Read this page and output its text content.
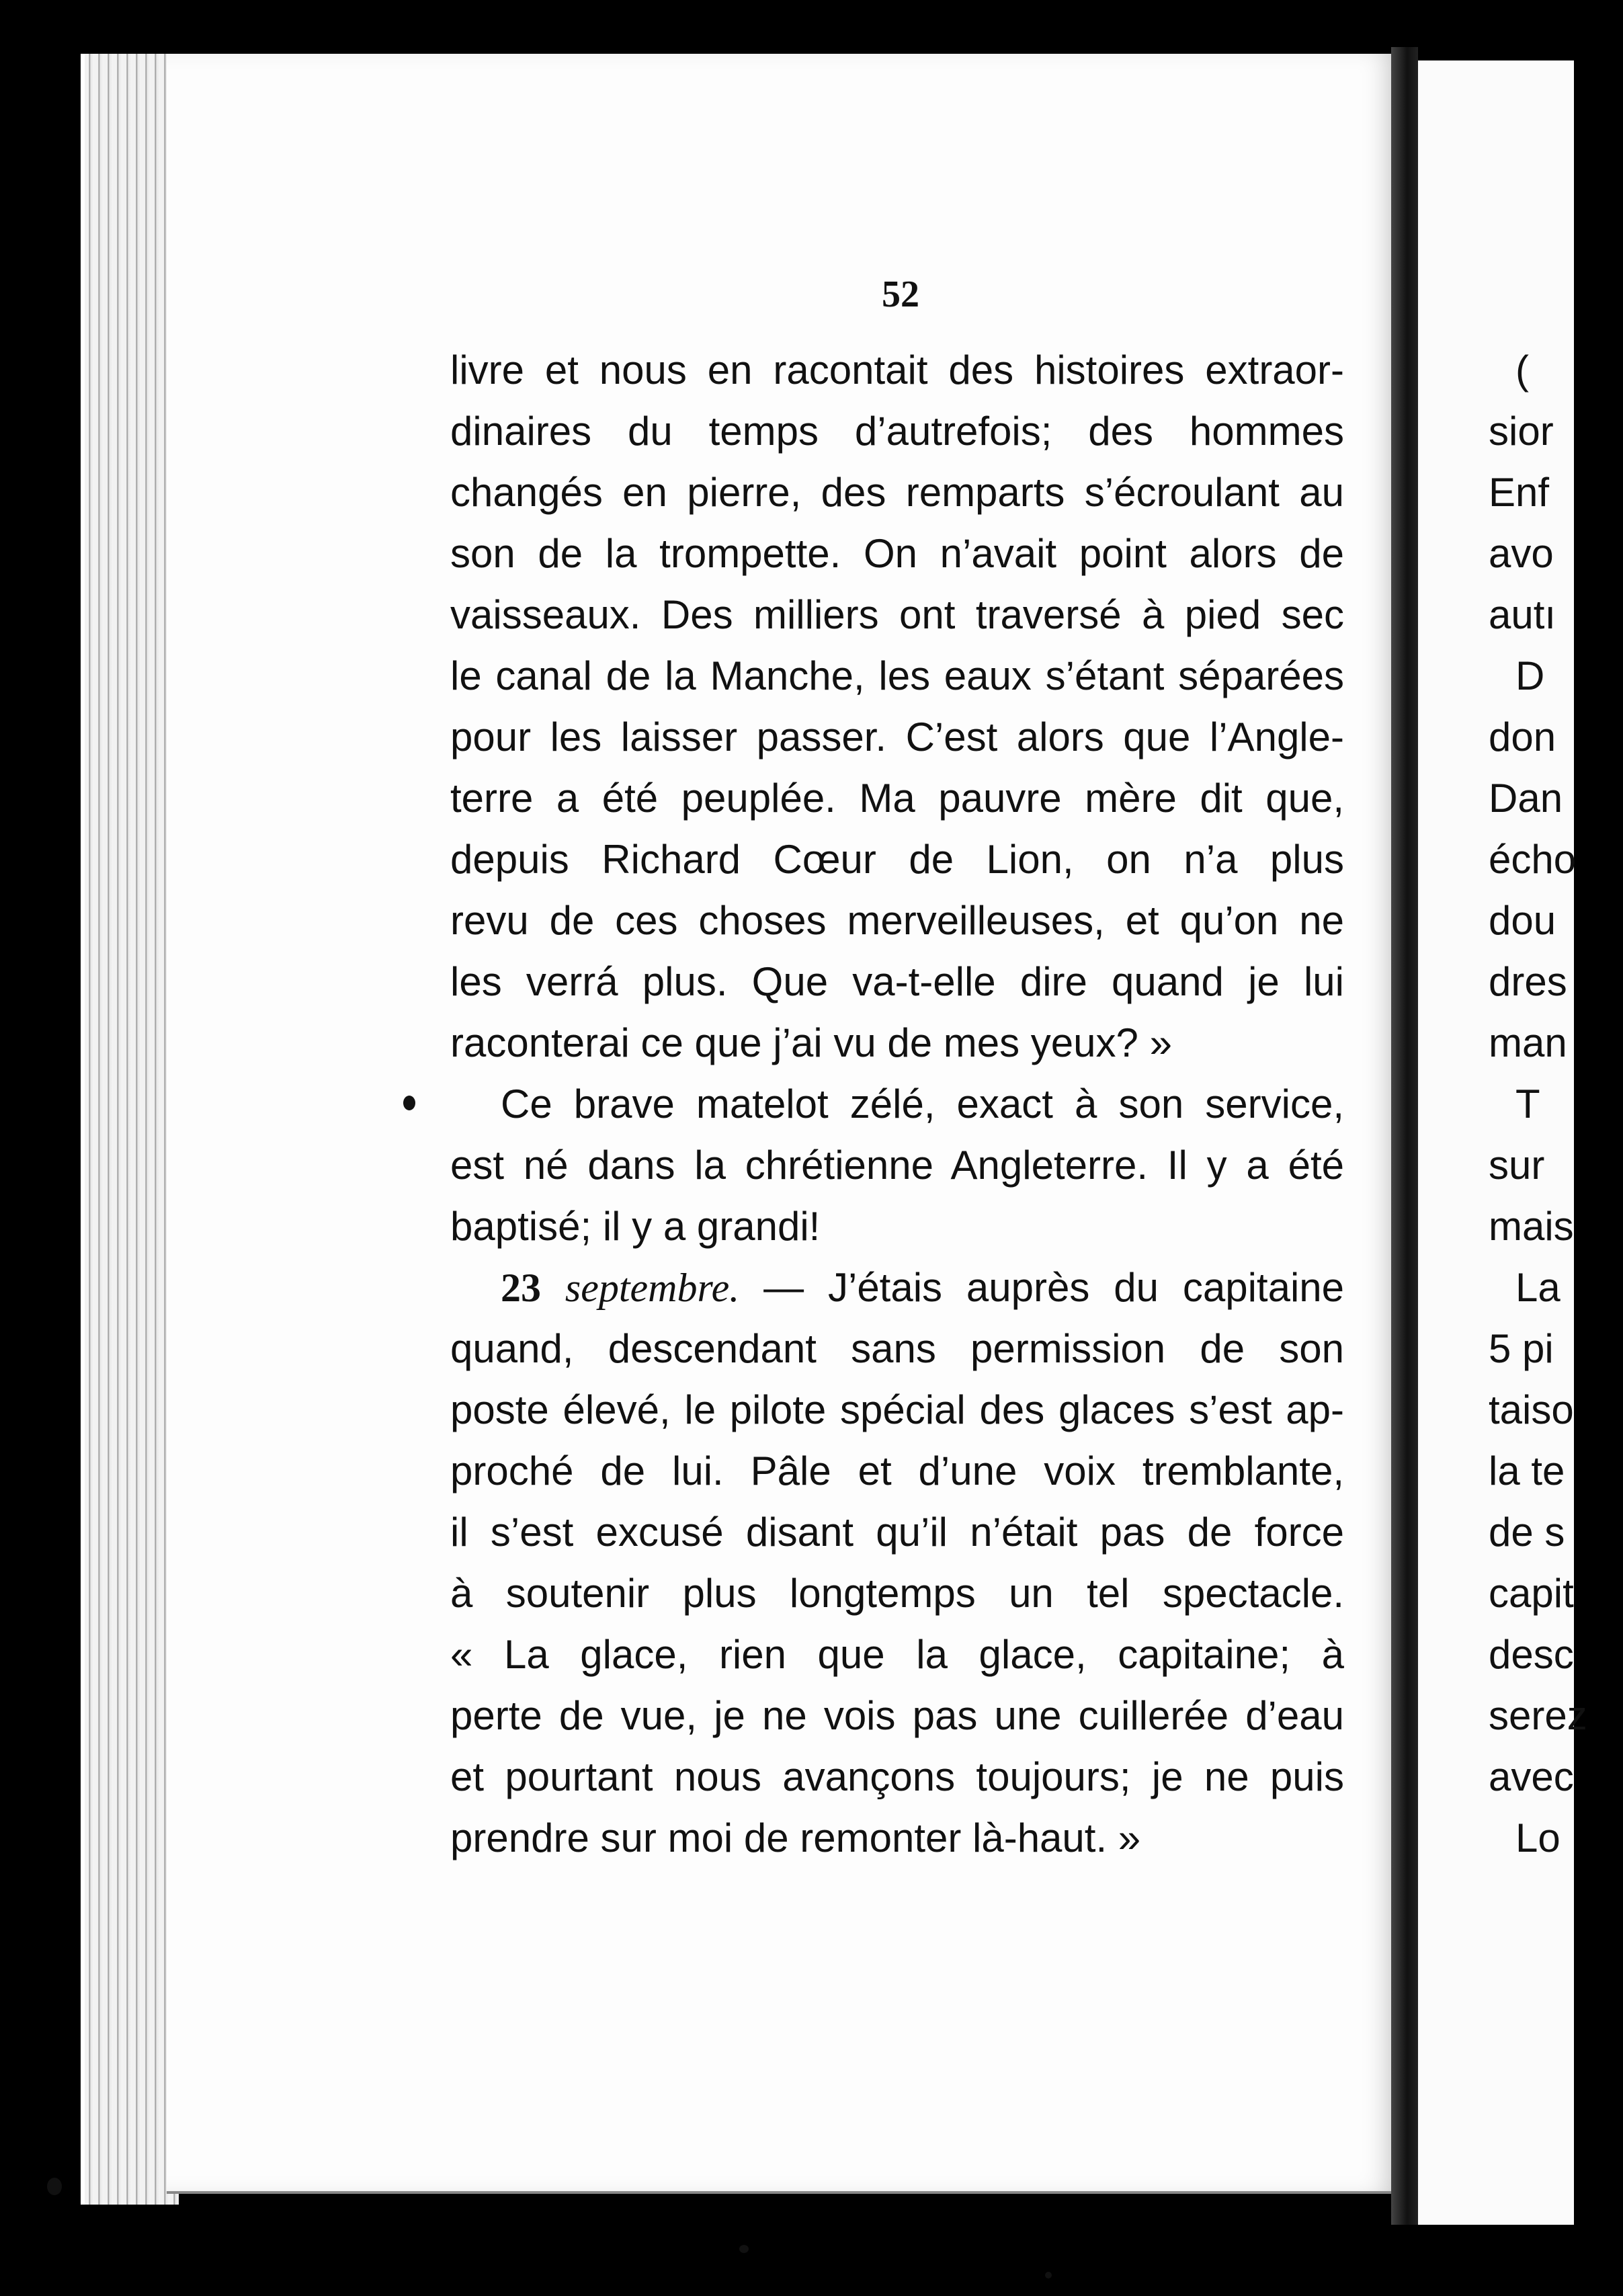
52
livre et nous en racontait des histoires extraor-
dinaires du temps d’autrefois; des hommes
changés en pierre, des remparts s’écroulant au
son de la trompette. On n’avait point alors de
vaisseaux. Des milliers ont traversé à pied sec
le canal de la Manche, les eaux s’étant séparées
pour les laisser passer. C’est alors que l’Angle-
terre a été peuplée. Ma pauvre mère dit que,
depuis Richard Cœur de Lion, on n’a plus
revu de ces choses merveilleuses, et qu’on ne
les verrá plus. Que va-t-elle dire quand je lui
raconterai ce que j’ai vu de mes yeux? »
Ce brave matelot zélé, exact à son service,
est né dans la chrétienne Angleterre. Il y a été
baptisé; il y a grandi!
23 septembre. — J’étais auprès du capitaine
quand, descendant sans permission de son
poste élevé, le pilote spécial des glaces s’est ap-
proché de lui. Pâle et d’une voix tremblante,
il s’est excusé disant qu’il n’était pas de force
à soutenir plus longtemps un tel spectacle.
« La glace, rien que la glace, capitaine; à
perte de vue, je ne vois pas une cuillerée d’eau
et pourtant nous avançons toujours; je ne puis
prendre sur moi de remonter là-haut. »
(
sior
Enf
avo
autı
D
don
Dan
écho
dou
dres
man
T
sur
mais
La
5 pi
taiso
la te
de s
capit
desc
serez
avec
Lo
